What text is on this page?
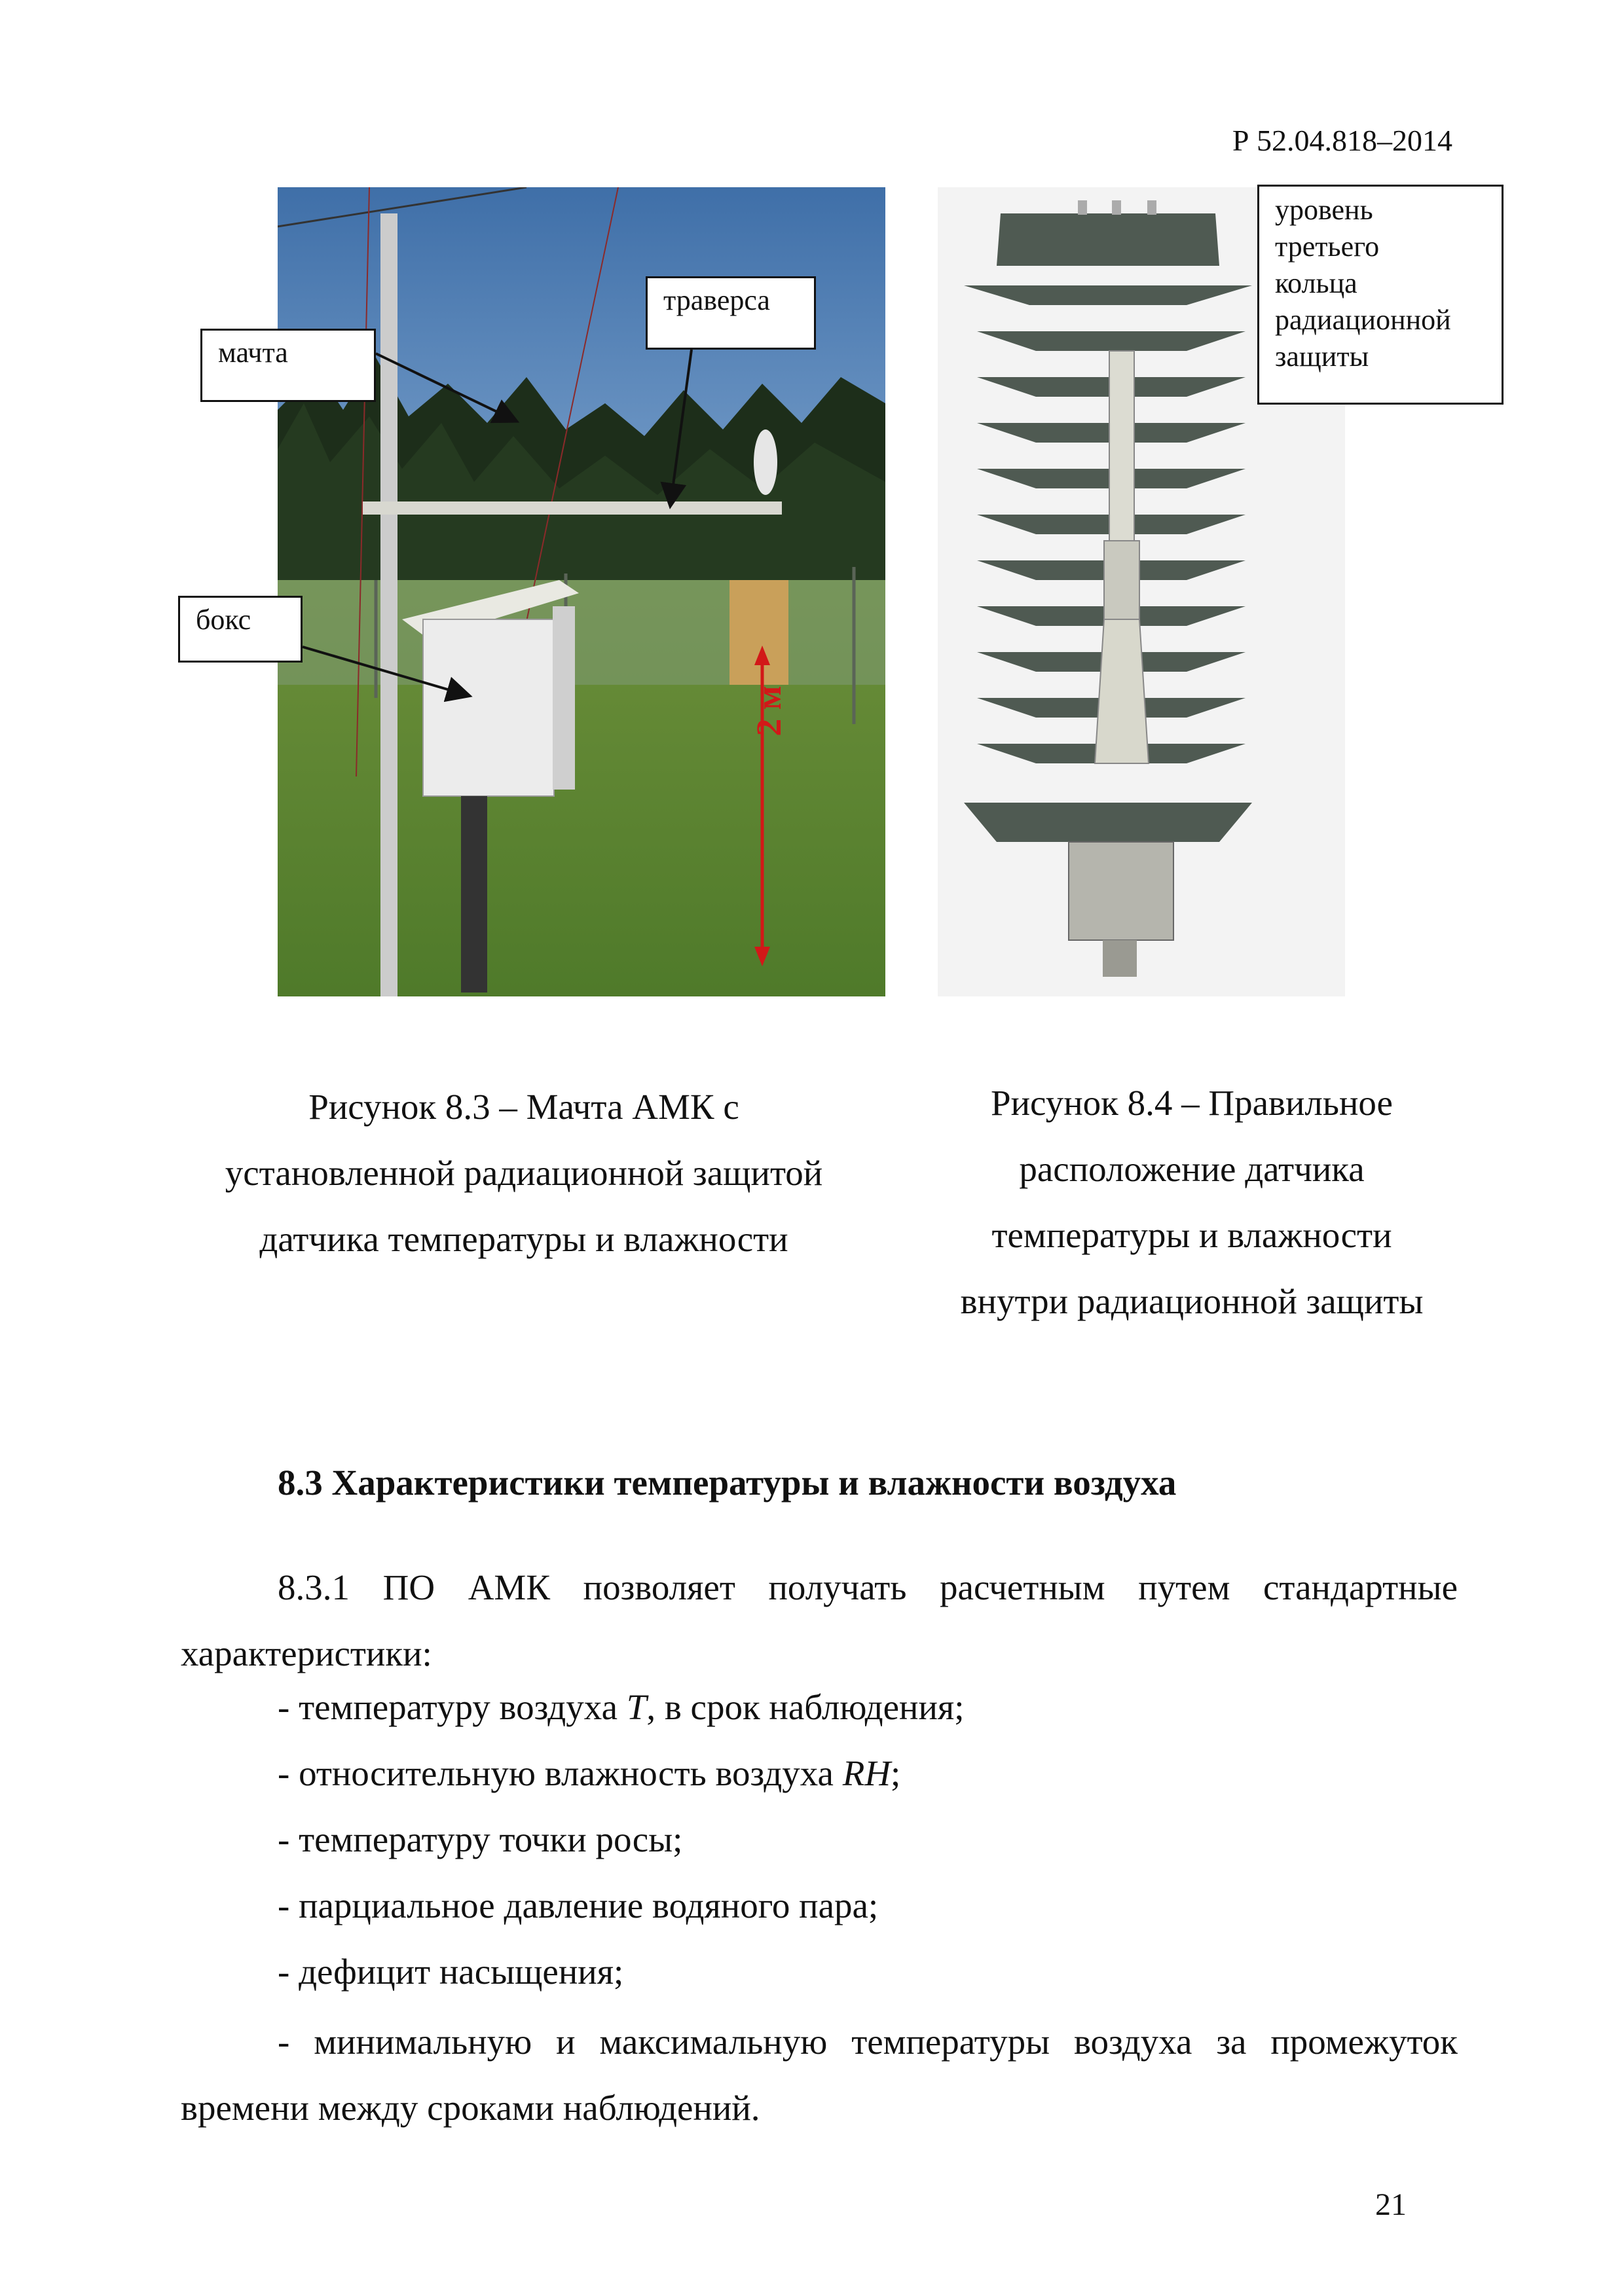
Р 52.04.818–2014
2 м
мачта
траверса
бокс
уровень
третьего
кольца
радиационной
защиты
Рисунок 8.3 – Мачта АМК с
установленной радиационной защитой
датчика температуры и влажности
Рисунок 8.4 – Правильное
расположение датчика
температуры и влажности
внутри радиационной защиты
8.3 Характеристики температуры и влажности воздуха
8.3.1 ПО АМК позволяет получать расчетным путем стандартные
характеристики:
- температуру воздуха T, в срок наблюдения;
- относительную влажность воздуха RH;
- температуру точки росы;
- парциальное давление водяного пара;
- дефицит насыщения;
- минимальную и максимальную температуры воздуха за промежуток
времени между сроками наблюдений.
21
